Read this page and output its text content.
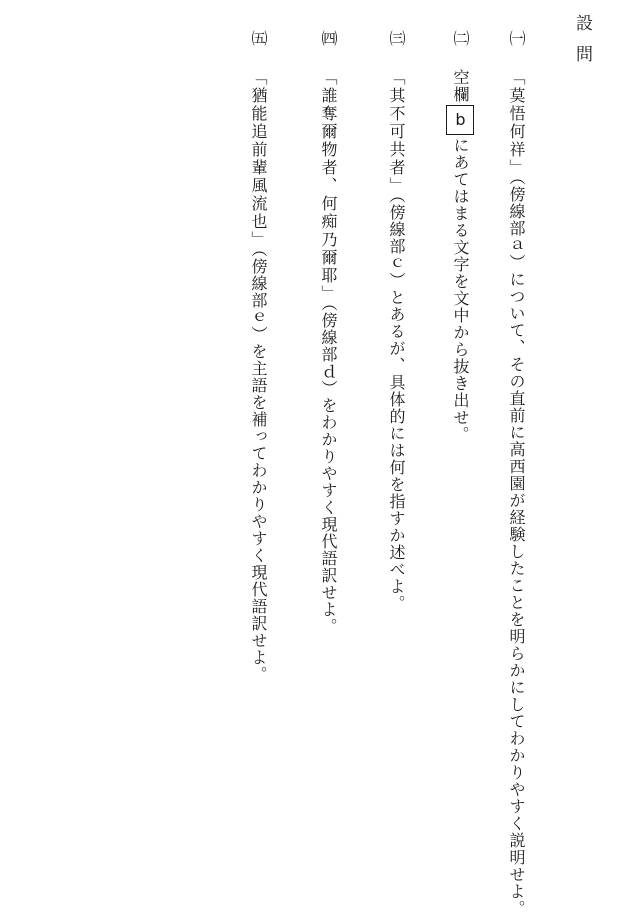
設問
㈠「莫悟何祥」（傍線部ａ）について、その直前に高西園が経験したことを明らかにしてわかりやすく説明せよ。
㈡空欄bにあてはまる文字を文中から抜き出せ。
㈢「其不可共者」（傍線部ｃ）とあるが、具体的には何を指すか述べよ。
㈣「誰奪爾物者、何痴乃爾耶」（傍線部ｄ）をわかりやすく現代語訳せよ。
㈤「猶能追前輩風流也」（傍線部ｅ）を主語を補ってわかりやすく現代語訳せよ。
